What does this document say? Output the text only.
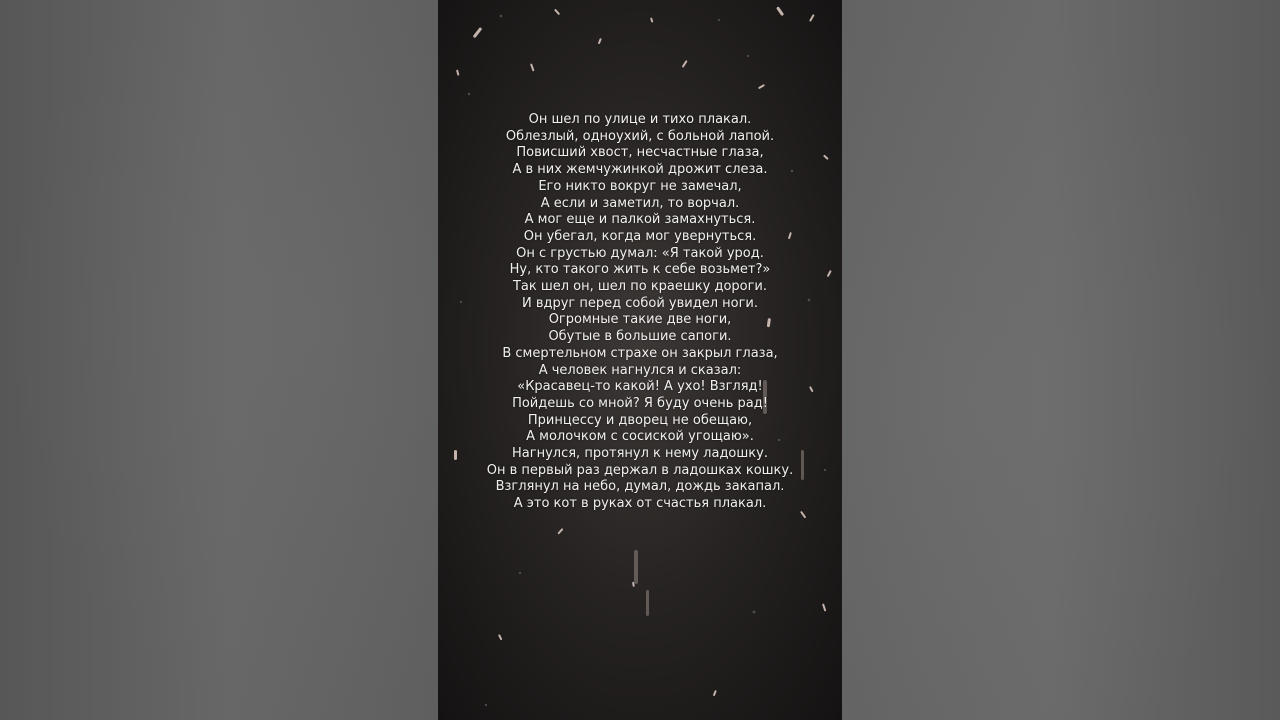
Он шел по улице и тихо плакал.
Облезлый, одноухий, с больной лапой.
Повисший хвост, несчастные глаза,
А в них жемчужинкой дрожит слеза.
Его никто вокруг не замечал,
А если и заметил, то ворчал.
А мог еще и палкой замахнуться.
Он убегал, когда мог увернуться.
Он с грустью думал: «Я такой урод.
Ну, кто такого жить к себе возьмет?»
Так шел он, шел по краешку дороги.
И вдруг перед собой увидел ноги.
Огромные такие две ноги,
Обутые в большие сапоги.
В смертельном страхе он закрыл глаза,
А человек нагнулся и сказал:
«Красавец-то какой! А ухо! Взгляд!
Пойдешь со мной? Я буду очень рад!
Принцессу и дворец не обещаю,
А молочком с сосиской угощаю».
Нагнулся, протянул к нему ладошку.
Он в первый раз держал в ладошках кошку.
Взглянул на небо, думал, дождь закапал.
А это кот в руках от счастья плакал.
